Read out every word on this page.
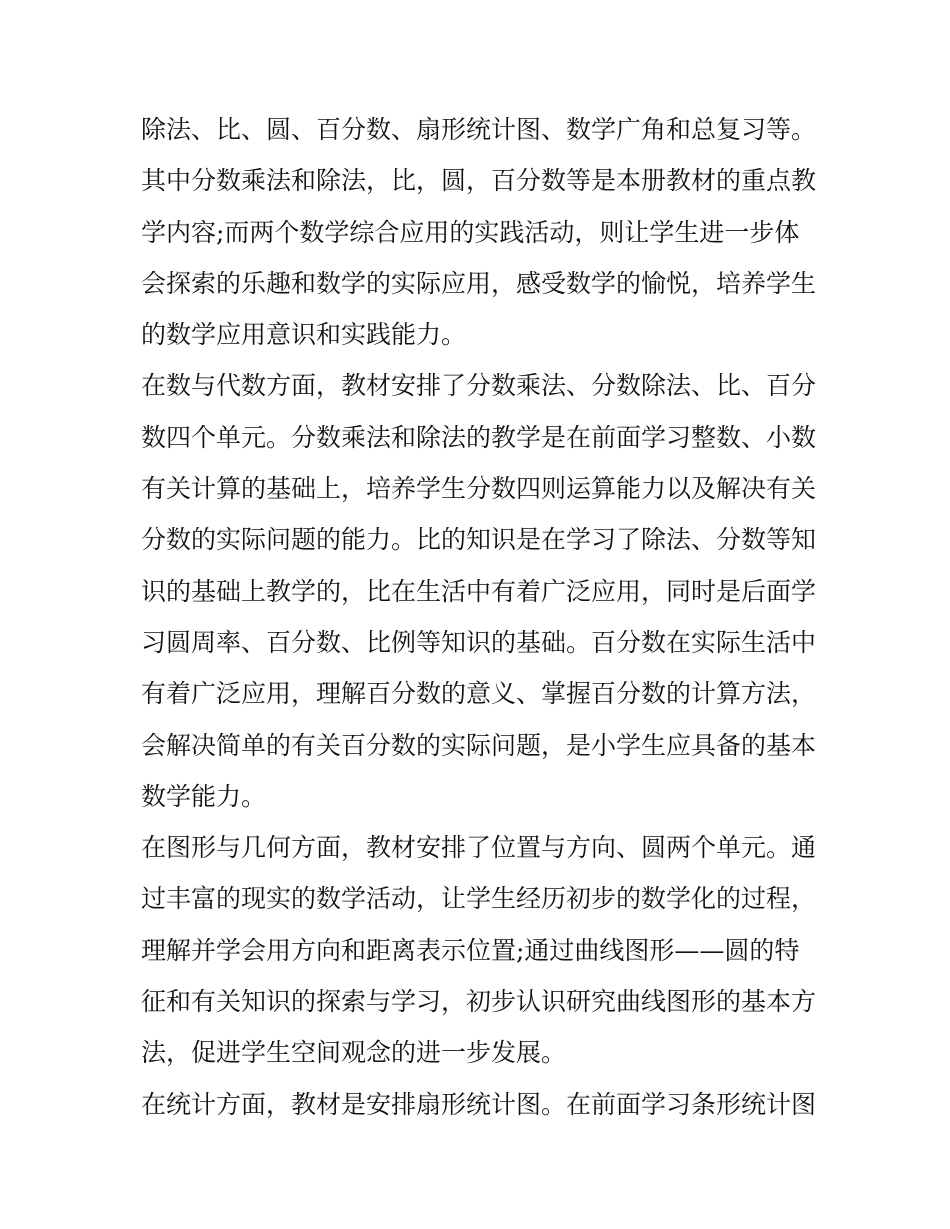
除法、比、圆、百分数、扇形统计图、数学广角和总复习等。
其中分数乘法和除法，比，圆，百分数等是本册教材的重点教
学内容;而两个数学综合应用的实践活动，则让学生进一步体
会探索的乐趣和数学的实际应用，感受数学的愉悦，培养学生
的数学应用意识和实践能力。
在数与代数方面，教材安排了分数乘法、分数除法、比、百分
数四个单元。分数乘法和除法的教学是在前面学习整数、小数
有关计算的基础上，培养学生分数四则运算能力以及解决有关
分数的实际问题的能力。比的知识是在学习了除法、分数等知
识的基础上教学的，比在生活中有着广泛应用，同时是后面学
习圆周率、百分数、比例等知识的基础。百分数在实际生活中
有着广泛应用，理解百分数的意义、掌握百分数的计算方法，
会解决简单的有关百分数的实际问题，是小学生应具备的基本
数学能力。
在图形与几何方面，教材安排了位置与方向、圆两个单元。通
过丰富的现实的数学活动，让学生经历初步的数学化的过程，
理解并学会用方向和距离表示位置;通过曲线图形——圆的特
征和有关知识的探索与学习，初步认识研究曲线图形的基本方
法，促进学生空间观念的进一步发展。
在统计方面，教材是安排扇形统计图。在前面学习条形统计图
